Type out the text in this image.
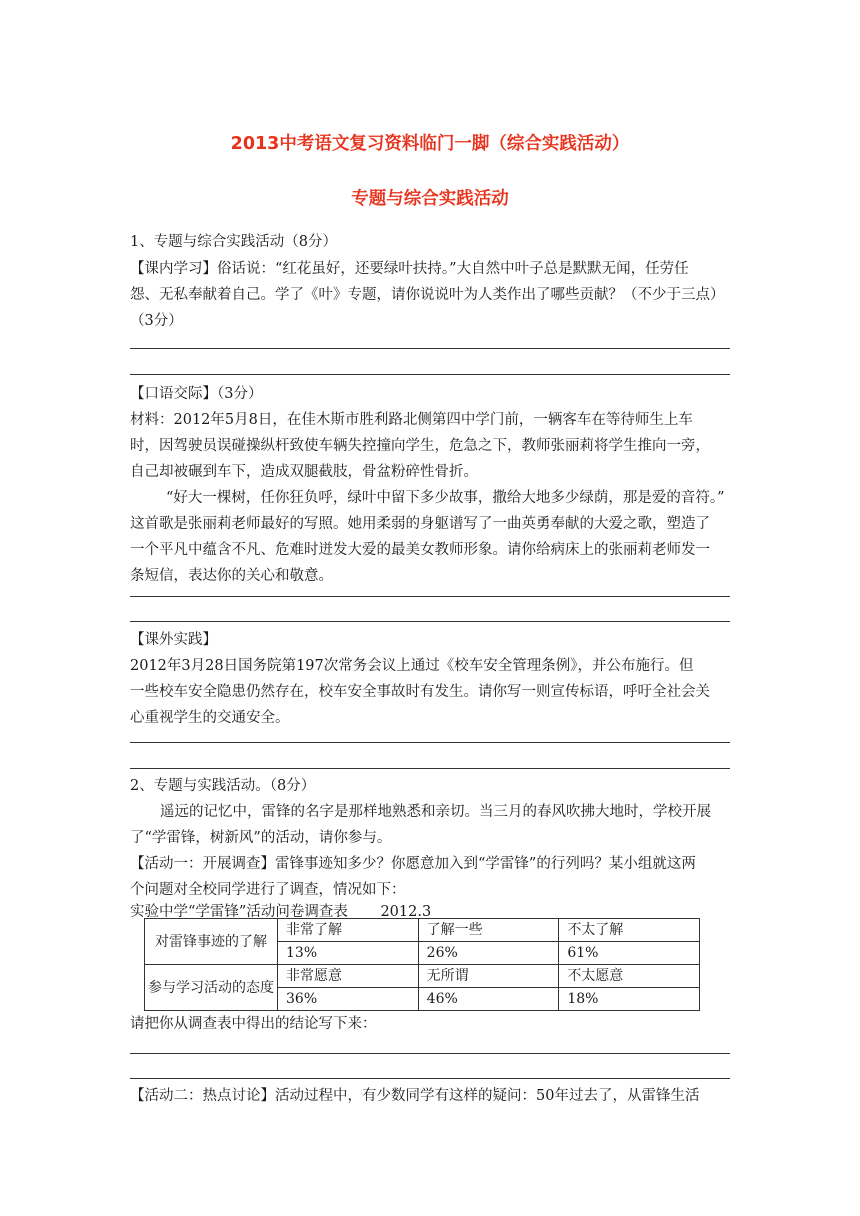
2013中考语文复习资料临门一脚（综合实践活动）
专题与综合实践活动
1、专题与综合实践活动（8分）
【课内学习】俗话说：“红花虽好，还要绿叶扶持。”大自然中叶子总是默默无闻，任劳任
怨、无私奉献着自己。学了《叶》专题，请你说说叶为人类作出了哪些贡献？（不少于三点）
（3分）
【口语交际】（3分）
材料：2012年5月8日，在佳木斯市胜利路北侧第四中学门前，一辆客车在等待师生上车
时，因驾驶员误碰操纵杆致使车辆失控撞向学生，危急之下，教师张丽莉将学生推向一旁，
自己却被碾到车下，造成双腿截肢，骨盆粉碎性骨折。
“好大一棵树，任你狂负呼，绿叶中留下多少故事，撒给大地多少绿荫，那是爱的音符。”
这首歌是张丽莉老师最好的写照。她用柔弱的身躯谱写了一曲英勇奉献的大爱之歌，塑造了
一个平凡中蕴含不凡、危难时迸发大爱的最美女教师形象。请你给病床上的张丽莉老师发一
条短信，表达你的关心和敬意。
【课外实践】
2012年3月28日国务院第197次常务会议上通过《校车安全管理条例》，并公布施行。但
一些校车安全隐患仍然存在，校车安全事故时有发生。请你写一则宣传标语，呼吁全社会关
心重视学生的交通安全。
2、专题与实践活动。（8分）
遥远的记忆中，雷锋的名字是那样地熟悉和亲切。当三月的春风吹拂大地时，学校开展
了“学雷锋，树新风”的活动，请你参与。
【活动一：开展调查】雷锋事迹知多少？你愿意加入到“学雷锋”的行列吗？某小组就这两
个问题对全校同学进行了调查，情况如下：
实验中学“学雷锋”活动问卷调查表 2012.3
对雷锋事迹的了解	非常了解	了解一些	不太了解
	13%	26%	61%
参与学习活动的态度	非常愿意	无所谓	不太愿意
	36%	46%	18%
请把你从调查表中得出的结论写下来：
【活动二：热点讨论】活动过程中，有少数同学有这样的疑问：50年过去了，从雷锋生活
